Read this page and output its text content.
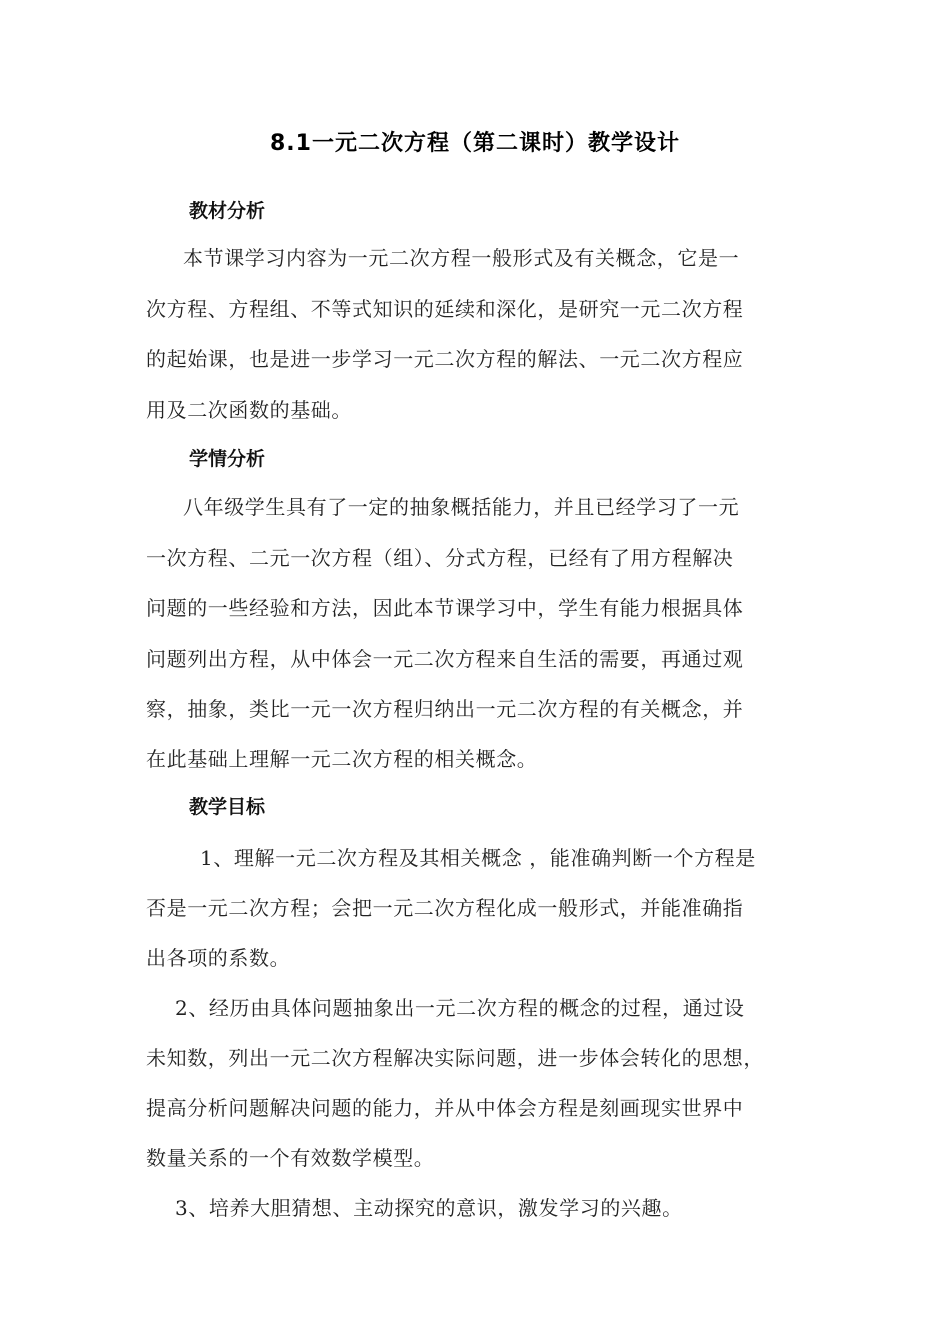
8.1一元二次方程（第二课时）教学设计
教材分析
本节课学习内容为一元二次方程一般形式及有关概念，它是一
次方程、方程组、不等式知识的延续和深化，是研究一元二次方程
的起始课，也是进一步学习一元二次方程的解法、一元二次方程应
用及二次函数的基础。
学情分析
八年级学生具有了一定的抽象概括能力，并且已经学习了一元
一次方程、二元一次方程（组）、分式方程，已经有了用方程解决
问题的一些经验和方法，因此本节课学习中，学生有能力根据具体
问题列出方程，从中体会一元二次方程来自生活的需要，再通过观
察，抽象，类比一元一次方程归纳出一元二次方程的有关概念，并
在此基础上理解一元二次方程的相关概念。
教学目标
1、理解一元二次方程及其相关概念 ，能准确判断一个方程是
否是一元二次方程；会把一元二次方程化成一般形式，并能准确指
出各项的系数。
2、经历由具体问题抽象出一元二次方程的概念的过程，通过设
未知数，列出一元二次方程解决实际问题，进一步体会转化的思想，
提高分析问题解决问题的能力，并从中体会方程是刻画现实世界中
数量关系的一个有效数学模型。
3、培养大胆猜想、主动探究的意识，激发学习的兴趣。
